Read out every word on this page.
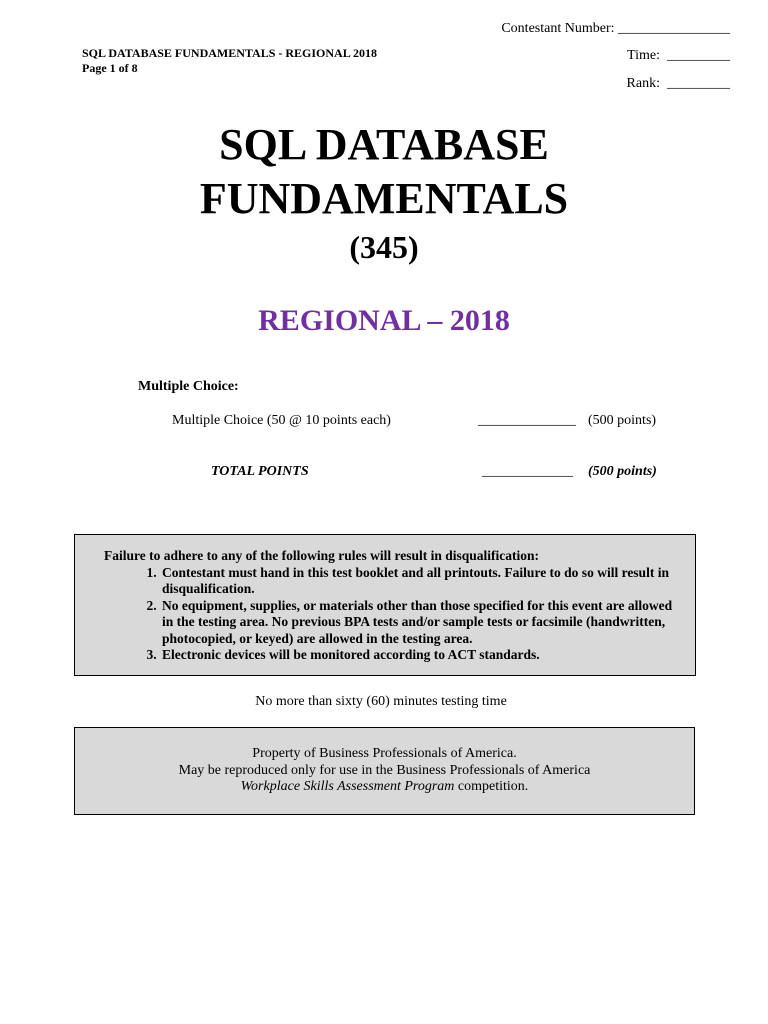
Contestant Number: ________________
Time: _________
Rank: _________
SQL DATABASE FUNDAMENTALS - REGIONAL 2018
Page 1 of 8
SQL DATABASE
FUNDAMENTALS
(345)
REGIONAL – 2018
Multiple Choice:
Multiple Choice (50 @ 10 points each)	______________ (500 points)
TOTAL POINTS	_____________ (500 points)
Failure to adhere to any of the following rules will result in disqualification:
1. Contestant must hand in this test booklet and all printouts. Failure to do so will result in disqualification.
2. No equipment, supplies, or materials other than those specified for this event are allowed in the testing area. No previous BPA tests and/or sample tests or facsimile (handwritten, photocopied, or keyed) are allowed in the testing area.
3. Electronic devices will be monitored according to ACT standards.
No more than sixty (60) minutes testing time
Property of Business Professionals of America.
May be reproduced only for use in the Business Professionals of America
Workplace Skills Assessment Program competition.
